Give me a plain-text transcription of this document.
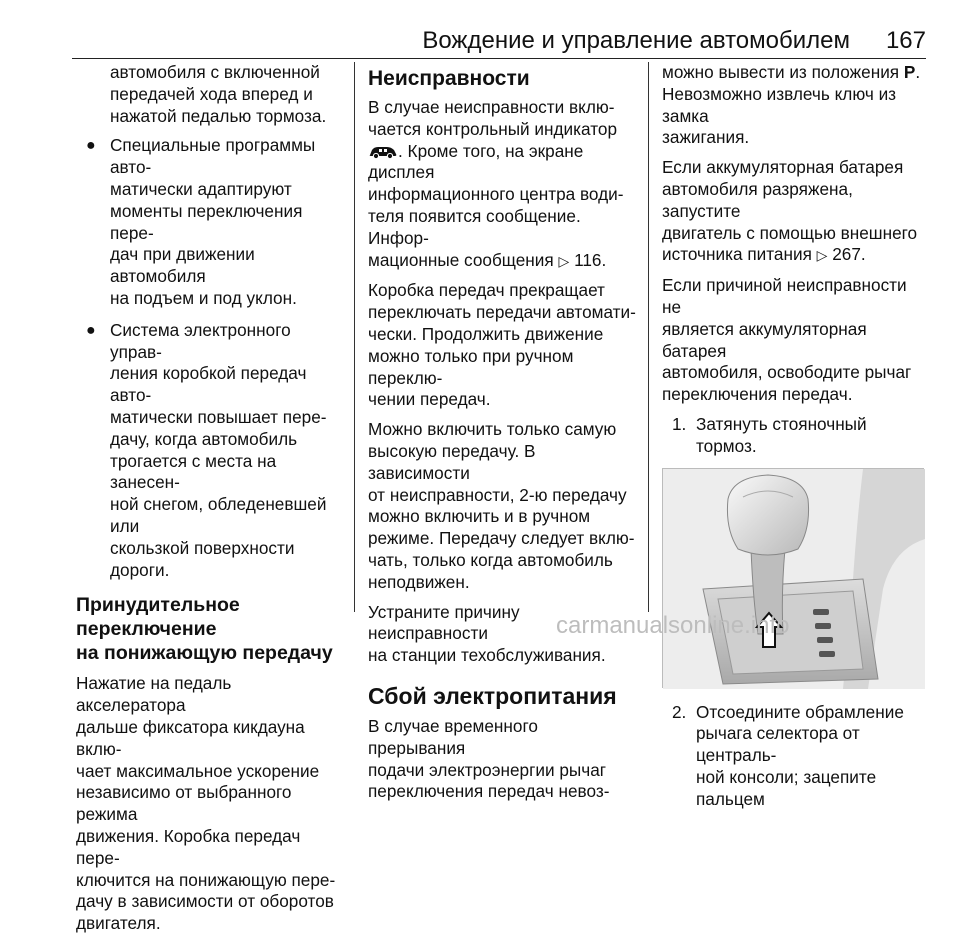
Вождение и управление автомобилем 167

автомобиля с включенной
передачей хода вперед и
нажатой педалью тормоза.

● Специальные программы авто-
матически адаптируют
моменты переключения пере-
дач при движении автомобиля
на подъем и под уклон.
● Система электронного управ-
ления коробкой передач авто-
матически повышает пере-
дачу, когда автомобиль
трогается с места на занесен-
ной снегом, обледеневшей или
скользкой поверхности дороги.
Принудительное переключение
на понижающую передачу

Нажатие на педаль акселератора
дальше фиксатора кикдауна вклю-
чает максимальное ускорение
независимо от выбранного режима
движения. Коробка передач пере-
ключится на понижающую пере-
дачу в зависимости от оборотов
двигателя.

Неисправности

В случае неисправности вклю-
чается контрольный индикатор
. Кроме того, на экране дисплея
информационного центра води-
теля появится сообщение. Инфор-
мационные сообщения ▷ 116.

Коробка передач прекращает
переключать передачи автомати-
чески. Продолжить движение
можно только при ручном переклю-
чении передач.

Можно включить только самую
высокую передачу. В зависимости
от неисправности, 2-ю передачу
можно включить и в ручном
режиме. Передачу следует вклю-
чать, только когда автомобиль
неподвижен.

Устраните причину неисправности
на станции техобслуживания.

Сбой электропитания

В случае временного прерывания
подачи электроэнергии рычаг
переключения передач невоз-

можно вывести из положения P.
Невозможно извлечь ключ из замка
зажигания.

Если аккумуляторная батарея
автомобиля разряжена, запустите
двигатель с помощью внешнего
источника питания ▷ 267.

Если причиной неисправности не
является аккумуляторная батарея
автомобиля, освободите рычаг
переключения передач.

1. Затянуть стояночный тормоз.
2. Отсоедините обрамление
рычага селектора от централь-
ной консоли; зацепите пальцем
carmanualsonline.info
